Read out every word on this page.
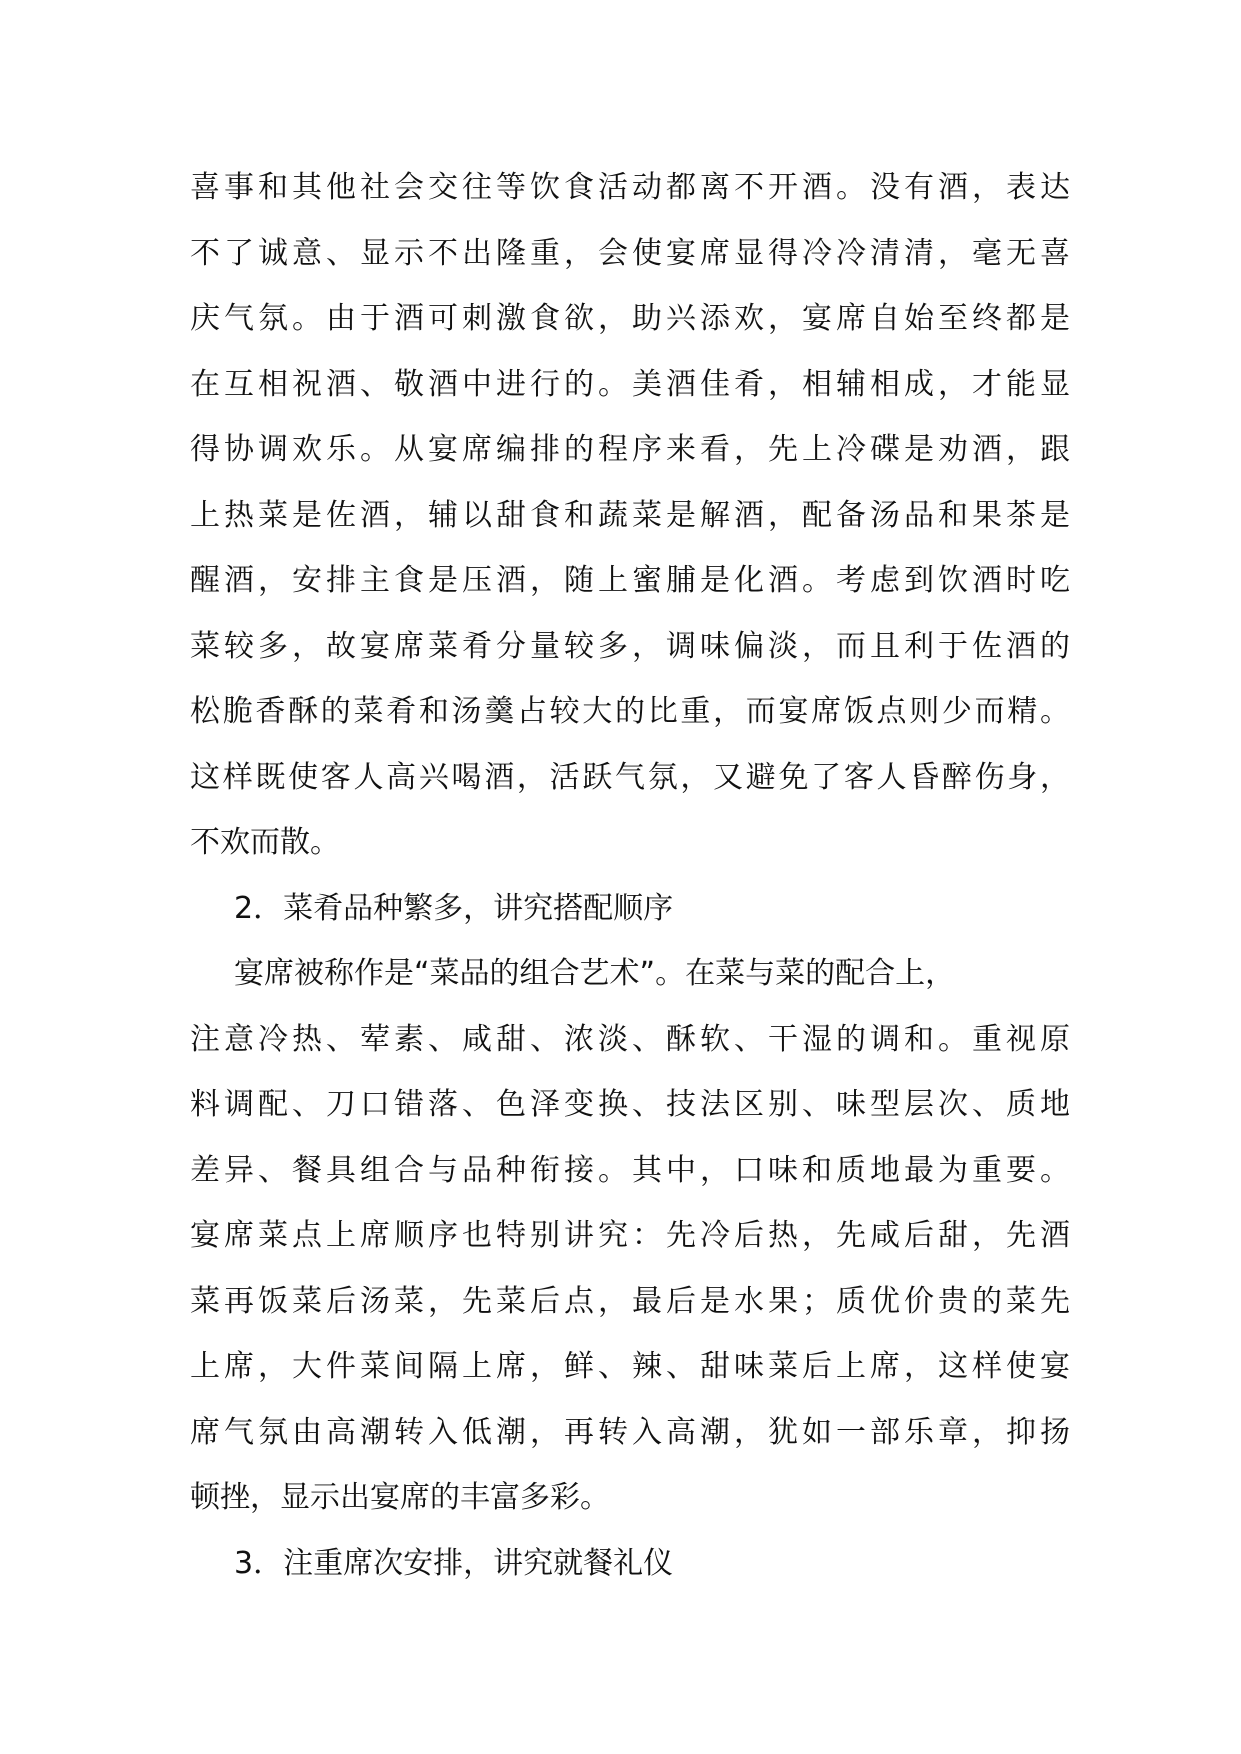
喜事和其他社会交往等饮食活动都离不开酒。没有酒，表达
不了诚意、显示不出隆重，会使宴席显得冷冷清清，毫无喜
庆气氛。由于酒可刺激食欲，助兴添欢，宴席自始至终都是
在互相祝酒、敬酒中进行的。美酒佳肴，相辅相成，才能显
得协调欢乐。从宴席编排的程序来看，先上冷碟是劝酒，跟
上热菜是佐酒，辅以甜食和蔬菜是解酒，配备汤品和果茶是
醒酒，安排主食是压酒，随上蜜脯是化酒。考虑到饮酒时吃
菜较多，故宴席菜肴分量较多，调味偏淡，而且利于佐酒的
松脆香酥的菜肴和汤羹占较大的比重，而宴席饭点则少而精。
这样既使客人高兴喝酒，活跃气氛，又避免了客人昏醉伤身，
不欢而散。
2．菜肴品种繁多，讲究搭配顺序
宴席被称作是“菜品的组合艺术”。在菜与菜的配合上，
注意冷热、荤素、咸甜、浓淡、酥软、干湿的调和。重视原
料调配、刀口错落、色泽变换、技法区别、味型层次、质地
差异、餐具组合与品种衔接。其中，口味和质地最为重要。
宴席菜点上席顺序也特别讲究：先冷后热，先咸后甜，先酒
菜再饭菜后汤菜，先菜后点，最后是水果；质优价贵的菜先
上席，大件菜间隔上席，鲜、辣、甜味菜后上席，这样使宴
席气氛由高潮转入低潮，再转入高潮，犹如一部乐章，抑扬
顿挫，显示出宴席的丰富多彩。
3．注重席次安排，讲究就餐礼仪
